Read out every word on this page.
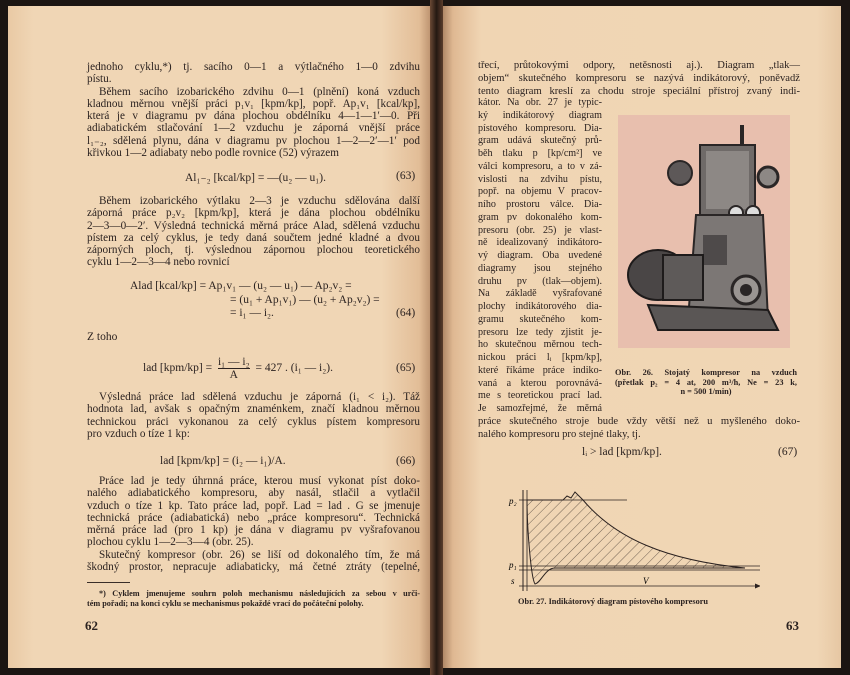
jednoho cyklu,*) tj. sacího 0—1 a výtlačného 1—0 zdvihu
pístu.
Během sacího izobarického zdvihu 0—1 (plnění) koná vzduch
kladnou měrnou vnější práci p₁v₁ [kpm/kp], popř. Ap₁v₁ [kcal/kp],
která je v diagramu pv dána plochou obdélníku 4—1—1′—0. Při
adiabatickém stlačování 1—2 vzduchu je záporná vnější práce
l₁₋₂, sdělená plynu, dána v diagramu pv plochou 1—2—2′—1′ pod
křivkou 1—2 adiabaty nebo podle rovnice (52) výrazem
Al₁₋₂ [kcal/kp] = —(u₂ — u₁).	(63)
Během izobarického výtlaku 2—3 je vzduchu sdělována další
záporná práce p₂v₂ [kpm/kp], která je dána plochou obdélníku
2—3—0—2′. Výsledná technická měrná práce Alad, sdělená vzduchu
pístem za celý cyklus, je tedy daná součtem jedné kladné a dvou
záporných ploch, tj. výslednou zápornou plochou teoretického
cyklu 1—2—3—4 nebo rovnicí
Alad [kcal/kp] = Ap₁v₁ — (u₂ — u₁) — Ap₂v₂ =
= (u₁ + Ap₁v₁) — (u₂ + Ap₂v₂) =
= i₁ — i₂.	(64)
Z toho
lad $[kpm/kp] = \frac{\text{i₁ — i₂}}{A} = 427$ . (i₁ — i₂).	(65)
Výsledná práce lad sdělená vzduchu je záporná (i₁ < i₂). Táž
hodnota lad, avšak s opačným znaménkem, značí kladnou měrnou
technickou práci vykonanou za celý cyklus pístem kompresoru
pro vzduch o tíze 1 kp:
lad [kpm/kp] = (i₂ — i₁)/A.	(66)
Práce lad je tedy úhrnná práce, kterou musí vykonat píst doko-
nalého adiabatického kompresoru, aby nasál, stlačil a vytlačil
vzduch o tíze 1 kp. Tato práce lad, popř. Lad = lad . G se jmenuje
technická práce (adiabatická) nebo „práce kompresoru“. Technická
měrná práce lad (pro 1 kp) je dána v diagramu pv vyšrafovanou
plochou cyklu 1—2—3—4 (obr. 25).
Skutečný kompresor (obr. 26) se liší od dokonalého tím, že má
škodný prostor, nepracuje adiabaticky, má četné ztráty (tepelné,
*) Cyklem jmenujeme souhrn poloh mechanismu následujících za sebou v urči-
tém pořadí; na konci cyklu se mechanismus pokaždé vrací do počáteční polohy.
62
třecí, průtokovými odpory, netěsnosti aj.). Diagram „tlak—
objem“ skutečného kompresoru se nazývá indikátorový, poněvadž
tento diagram kreslí za chodu stroje speciální přístroj zvaný indi-
kátor. Na obr. 27 je typic-
ký indikátorový diagram
pístového kompresoru. Dia-
gram udává skutečný prů-
běh tlaku p [kp/cm²] ve
válci kompresoru, a to v zá-
vislosti na zdvihu pístu,
popř. na objemu V pracov-
ního prostoru válce. Dia-
gram pv dokonalého kom-
presoru (obr. 25) je vlast-
ně idealizovaný indikátoro-
vý diagram. Oba uvedené
diagramy jsou stejného
druhu pv (tlak—objem).
Na základě vyšrafované
plochy indikátorového dia-
gramu skutečného kom-
presoru lze tedy zjistit je-
ho skutečnou měrnou tech-
nickou práci lᵢ [kpm/kp],
které říkáme práce indiko-
vaná a kterou porovnává-
me s teoretickou prací lad.
Je samozřejmé, že měrná
Obr. 26. Stojatý kompresor na vzduch
(přetlak p₂ = 4 at, 200 m³/h, Ne = 23 k,
n = 500 1/min)
práce skutečného stroje bude vždy větší než u myšleného doko-
nalého kompresoru pro stejné tlaky, tj.
lᵢ > lad [kpm/kp].	(67)
p₂
p₁
s	V
Obr. 27. Indikátorový diagram pístového kompresoru
63
